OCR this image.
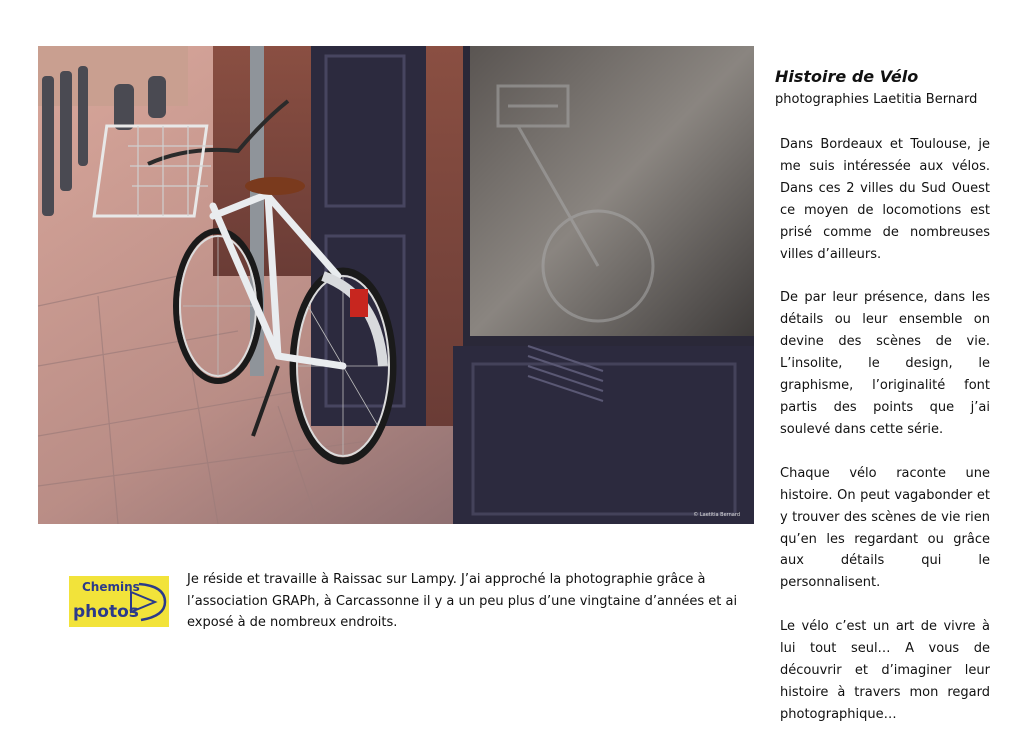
© Laetitia Bernard
Histoire de Vélo
photographies Laetitia Bernard

Dans Bordeaux et Toulouse, je me suis intéressée aux vélos. Dans ces 2 villes du Sud Ouest ce moyen de locomotions est prisé comme de nombreuses villes d’ailleurs.

De par leur présence, dans les détails ou leur ensemble on devine des scènes de vie. L’insolite, le design, le graphisme, l’originalité font partis des points que j’ai soulevé dans cette série.

Chaque vélo raconte une histoire. On peut vagabonder et y trouver des scènes de vie rien qu’en les regardant ou grâce aux détails qui le personnalisent.

Le vélo c’est un art de vivre à lui tout seul… A vous de découvrir et d’imaginer leur histoire à travers mon regard photographique…

Chemins
photos
Je réside et travaille à Raissac sur Lampy. J’ai approché la photographie grâce à l’association GRAPh, à Carcassonne il y a un peu plus d’une vingtaine d’années et ai exposé à de nombreux endroits.
